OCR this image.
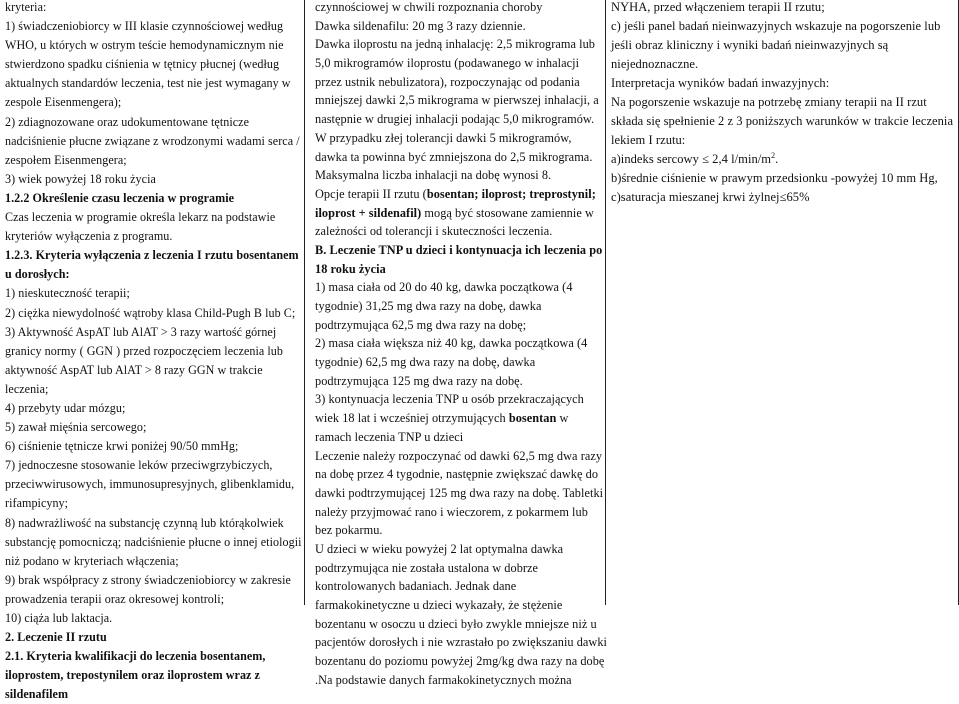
kryteria:
1) świadczeniobiorcy w III klasie czynnościowej według
WHO, u których w ostrym teście hemodynamicznym nie
stwierdzono spadku ciśnienia w tętnicy płucnej (według
aktualnych standardów leczenia, test nie jest wymagany w
zespole Eisenmengera);
2) zdiagnozowane oraz udokumentowane tętnicze
nadciśnienie płucne związane z wrodzonymi wadami serca /
zespołem Eisenmengera;
3) wiek powyżej 18 roku życia
1.2.2 Określenie czasu leczenia w programie
Czas leczenia w programie określa lekarz na podstawie
kryteriów wyłączenia z programu.
1.2.3. Kryteria wyłączenia z leczenia I rzutu bosentanem
u dorosłych:
1) nieskuteczność terapii;
2) ciężka niewydolność wątroby klasa Child-Pugh B lub C;
3) Aktywność AspAT lub AlAT > 3 razy wartość górnej
granicy normy ( GGN ) przed rozpoczęciem leczenia lub
aktywność AspAT lub AlAT > 8 razy GGN w trakcie
leczenia;
4) przebyty udar mózgu;
5) zawał mięśnia sercowego;
6) ciśnienie tętnicze krwi poniżej 90/50 mmHg;
7) jednoczesne stosowanie leków przeciwgrzybiczych,
przeciwwirusowych, immunosupresyjnych, glibenklamidu,
rifampicyny;
8) nadwrażliwość na substancję czynną lub którąkolwiek
substancję pomocniczą; nadciśnienie płucne o innej etiologii
niż podano w kryteriach włączenia;
9) brak współpracy z strony świadczeniobiorcy w zakresie
prowadzenia terapii oraz okresowej kontroli;
10) ciąża lub laktacja.
2. Leczenie II rzutu
2.1. Kryteria kwalifikacji do leczenia bosentanem,
iloprostem, trepostynilem oraz iloprostem wraz z
sildenafilem
czynnościowej w chwili rozpoznania choroby
Dawka sildenafilu: 20 mg 3 razy dziennie.
Dawka iloprostu na jedną inhalację: 2,5 mikrograma lub
5,0 mikrogramów iloprostu (podawanego w inhalacji
przez ustnik nebulizatora), rozpoczynając od podania
mniejszej dawki 2,5 mikrograma w pierwszej inhalacji, a
następnie w drugiej inhalacji podając 5,0 mikrogramów.
W przypadku złej tolerancji dawki 5 mikrogramów,
dawka ta powinna być zmniejszona do 2,5 mikrograma.
Maksymalna liczba inhalacji na dobę wynosi 8.
Opcje terapii II rzutu (bosentan; iloprost; treprostynil;
iloprost + sildenafil) mogą być stosowane zamiennie w
zależności od tolerancji i skuteczności leczenia.
B. Leczenie TNP u dzieci i kontynuacja ich leczenia po
18 roku życia
1) masa ciała od 20 do 40 kg, dawka początkowa (4
tygodnie) 31,25 mg dwa razy na dobę, dawka
podtrzymująca 62,5 mg dwa razy na dobę;
2) masa ciała większa niż 40 kg, dawka początkowa (4
tygodnie) 62,5 mg dwa razy na dobę, dawka
podtrzymująca 125 mg dwa razy na dobę.
3) kontynuacja leczenia TNP u osób przekraczających
wiek 18 lat i wcześniej otrzymujących bosentan w
ramach leczenia TNP u dzieci
Leczenie należy rozpoczynać od dawki 62,5 mg dwa razy
na dobę przez 4 tygodnie, następnie zwiększać dawkę do
dawki podtrzymującej 125 mg dwa razy na dobę. Tabletki
należy przyjmować rano i wieczorem, z pokarmem lub
bez pokarmu.
U dzieci w wieku powyżej 2 lat optymalna dawka
podtrzymująca nie została ustalona w dobrze
kontrolowanych badaniach. Jednak dane
farmakokinetyczne u dzieci wykazały, że stężenie
bozentanu w osoczu u dzieci było zwykle mniejsze niż u
pacjentów dorosłych i nie wzrastało po zwiększaniu dawki
bozentanu do poziomu powyżej 2mg/kg dwa razy na dobę
.Na podstawie danych farmakokinetycznych można
NYHA, przed włączeniem terapii II rzutu;
c) jeśli panel badań nieinwazyjnych wskazuje na pogorszenie lub
jeśli obraz kliniczny i wyniki badań nieinwazyjnych są
niejednoznaczne.
Interpretacja wyników badań inwazyjnych:
Na pogorszenie wskazuje na potrzebę zmiany terapii na II rzut
składa się spełnienie 2 z 3 poniższych warunków w trakcie leczenia
lekiem I rzutu:
a)indeks sercowy ≤ 2,4 $l/\min/m^2$.
b)średnie ciśnienie w prawym przedsionku -powyżej 10 mm Hg,
c)saturacja mieszanej krwi żylnej≤65%
